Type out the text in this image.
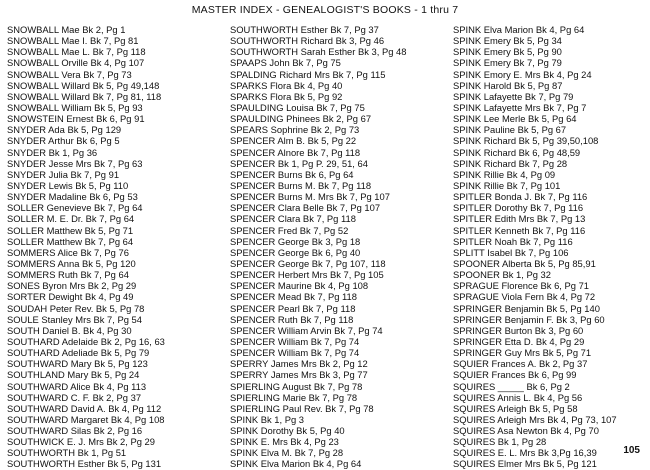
MASTER INDEX - GENEALOGIST'S BOOKS - 1 thru 7
SNOWBALL Mae Bk 2, Pg 1
SNOWBALL Mae I. Bk 7, Pg 81
SNOWBALL Mae L. Bk 7, Pg 118
SNOWBALL Orville Bk 4, Pg 107
SNOWBALL Vera Bk 7, Pg 73
SNOWBALL Willard Bk 5, Pg 49,148
SNOWBALL Willard Bk 7, Pg 81, 118
SNOWBALL William Bk 5, Pg 93
SNOWSTEIN Ernest Bk 6, Pg 91
SNYDER Ada Bk 5, Pg 129
SNYDER Arthur Bk 6, Pg 5
SNYDER Bk 1, Pg 36
SNYDER Jesse Mrs Bk 7, Pg 63
SNYDER Julia Bk 7, Pg 91
SNYDER Lewis Bk 5, Pg 110
SNYDER Madaline Bk 6, Pg 53
SOLLER Genevieve Bk 7, Pg 64
SOLLER M. E. Dr. Bk 7, Pg 64
SOLLER Matthew Bk 5, Pg 71
SOLLER Matthew Bk 7, Pg 64
SOMMERS Alice Bk 7, Pg 76
SOMMERS Anna Bk 5, Pg 120
SOMMERS Ruth Bk 7, Pg 64
SONES Byron Mrs Bk 2, Pg 29
SORTER Dewight Bk 4, Pg 49
SOUDAH Peter Rev. Bk 5, Pg 78
SOULE Stanley Mrs Bk 7, Pg 54
SOUTH Daniel B. Bk 4, Pg 30
SOUTHARD Adelaide Bk 2, Pg 16, 63
SOUTHARD Adeliade Bk 5, Pg 79
SOUTHWARD Mary Bk 5, Pg 123
SOUTHLAND Mary Bk 5, Pg 24
SOUTHWARD Alice Bk 4, Pg 113
SOUTHWARD C. F. Bk 2, Pg 37
SOUTHWARD David A. Bk 4, Pg 112
SOUTHWARD Margaret Bk 4, Pg 108
SOUTHWARD Silas Bk 2, Pg 16
SOUTHWICK E. J. Mrs Bk 2, Pg 29
SOUTHWORTH Bk 1, Pg 51
SOUTHWORTH Esther Bk 5, Pg 131
SOUTHWORTH Esther Bk 7, Pg 37
SOUTHWORTH Richard Bk 3, Pg 46
SOUTHWORTH Sarah Esther Bk 3, Pg 48
SPAAPS John Bk 7, Pg 75
SPALDING Richard Mrs Bk 7, Pg 115
SPARKS Flora Bk 4, Pg 40
SPARKS Flora Bk 5, Pg 92
SPAULDING Louisa Bk 7, Pg 75
SPAULDING Phinees Bk 2, Pg 67
SPEARS Sophrine Bk 2, Pg 73
SPENCER Alm B. Bk 5, Pg 22
SPENCER Alnore Bk 7, Pg 118
SPENCER Bk 1, Pg P. 29, 51, 64
SPENCER Burns Bk 6, Pg 64
SPENCER Burns M. Bk 7, Pg 118
SPENCER Burns M. Mrs Bk 7, Pg 107
SPENCER Clara Belle Bk 7, Pg 107
SPENCER Clara Bk 7, Pg 118
SPENCER Fred Bk 7, Pg 52
SPENCER George Bk 3, Pg 18
SPENCER George Bk 6, Pg 40
SPENCER George Bk 7, Pg 107, 118
SPENCER Herbert Mrs Bk 7, Pg 105
SPENCER Maurine Bk 4, Pg 108
SPENCER Mead Bk 7, Pg 118
SPENCER Pearl Bk 7, Pg 118
SPENCER Ruth Bk 7, Pg 118
SPENCER William Arvin Bk 7, Pg 74
SPENCER William Bk 7, Pg 74
SPENCER William Bk 7, Pg 74
SPERRY James Mrs Bk 2, Pg 12
SPERRY James Mrs Bk 3, Pg 77
SPIERLING August Bk 7, Pg 78
SPIERLING Marie Bk 7, Pg 78
SPIERLING Paul Rev. Bk 7, Pg 78
SPINK Bk 1, Pg 3
SPINK Dorothy Bk 5, Pg 40
SPINK E. Mrs Bk 4, Pg 23
SPINK Elva M. Bk 7, Pg 28
SPINK Elva Marion Bk 4, Pg 64
SPINK Elva Marion Bk 4, Pg 64
SPINK Emery Bk 5, Pg 34
SPINK Emery Bk 5, Pg 90
SPINK Emery Bk 7, Pg 79
SPINK Emory E. Mrs Bk 4, Pg 24
SPINK Harold Bk 5, Pg 87
SPINK Lafayette Bk 7, Pg 79
SPINK Lafayette Mrs Bk 7, Pg 7
SPINK Lee Merle Bk 5, Pg 64
SPINK Pauline Bk 5, Pg 67
SPINK Richard Bk 5, Pg 39,50,108
SPINK Richard Bk 6, Pg 48,59
SPINK Richard Bk 7, Pg 28
SPINK Rillie Bk 4, Pg 09
SPINK Rillie Bk 7, Pg 101
SPITLER Bonda J. Bk 7, Pg 116
SPITLER Dorothy Bk 7, Pg 116
SPITLER Edith Mrs Bk 7, Pg 13
SPITLER Kenneth Bk 7, Pg 116
SPITLER Noah Bk 7, Pg 116
SPLITT Isabel Bk 7, Pg 106
SPOONER Alberta Bk 5, Pg 85,91
SPOONER Bk 1, Pg 32
SPRAGUE Florence Bk 6, Pg 71
SPRAGUE Viola Fern Bk 4, Pg 72
SPRINGER Benjamin Bk 5, Pg 140
SPRINGER Benjamin F. Bk 3, Pg 60
SPRINGER Burton Bk 3, Pg 60
SPRINGER Etta D. Bk 4, Pg 29
SPRINGER Guy Mrs Bk 5, Pg 71
SQUIER Frances A. Bk 2, Pg 37
SQUIER Frances Bk 6, Pg 99
SQUIRES _____ Bk 6, Pg 2
SQUIRES Annis L. Bk 4, Pg 56
SQUIRES Arleigh Bk 5, Pg 58
SQUIRES Arleigh Mrs Bk 4, Pg 73, 107
SQUIRES Asa Newton Bk 4, Pg 70
SQUIRES Bk 1, Pg 28
SQUIRES E. L. Mrs Bk 3,Pg 16,39
SQUIRES Elmer Mrs Bk 5, Pg 121
105
